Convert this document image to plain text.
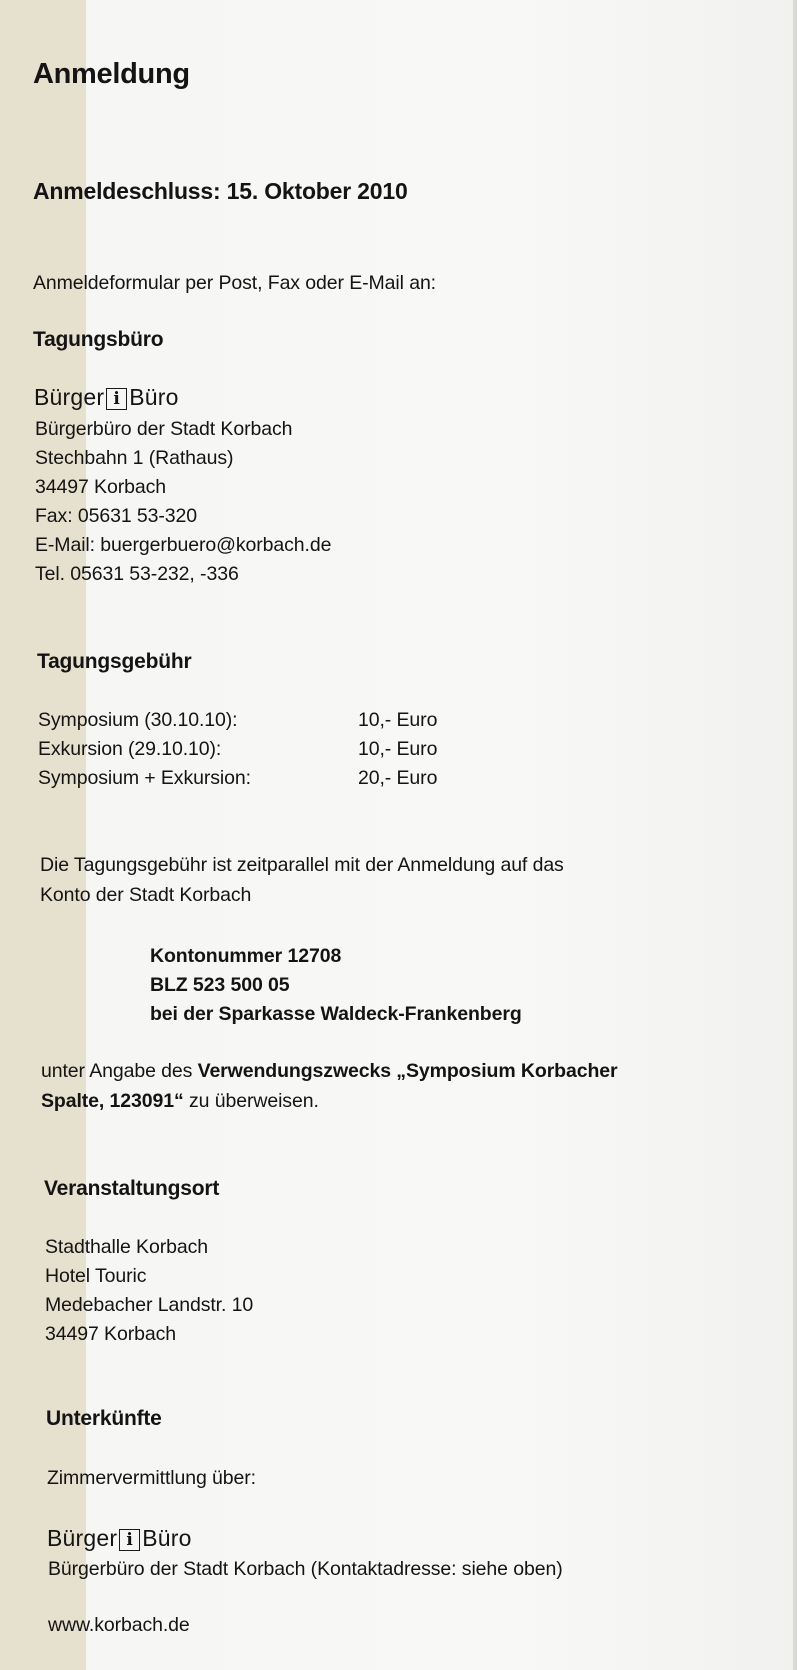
Anmeldung
Anmeldeschluss: 15. Oktober 2010
Anmeldeformular per Post, Fax oder E-Mail an:
Tagungsbüro
Bürger i Büro
Bürgerbüro der Stadt Korbach
Stechbahn 1 (Rathaus)
34497 Korbach
Fax: 05631 53-320
E-Mail: buergerbuero@korbach.de
Tel. 05631 53-232, -336
Tagungsgebühr
Symposium (30.10.10):	10,- Euro
Exkursion (29.10.10):	10,- Euro
Symposium + Exkursion:	20,- Euro
Die Tagungsgebühr ist zeitparallel mit der Anmeldung auf das
Konto der Stadt Korbach
Kontonummer 12708
BLZ 523 500 05
bei der Sparkasse Waldeck-Frankenberg
unter Angabe des Verwendungszwecks „Symposium Korbacher
Spalte, 123091“ zu überweisen.
Veranstaltungsort
Stadthalle Korbach
Hotel Touric
Medebacher Landstr. 10
34497 Korbach
Unterkünfte
Zimmervermittlung über:
Bürger i Büro
Bürgerbüro der Stadt Korbach (Kontaktadresse: siehe oben)
www.korbach.de
